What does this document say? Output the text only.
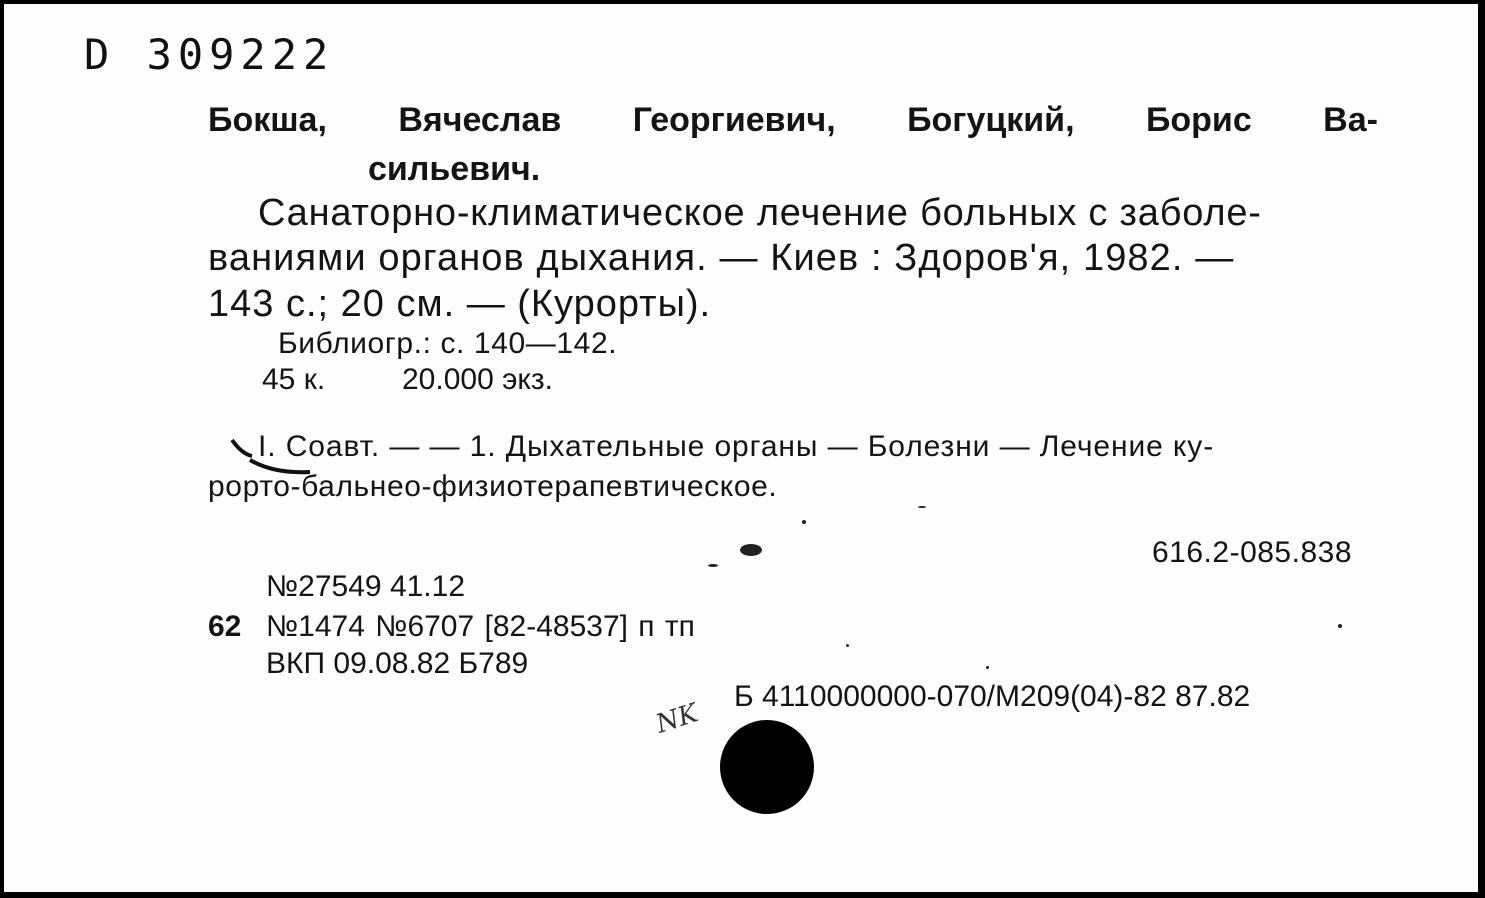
D 309222
Бокша, Вячеслав Георгиевич, Богуцкий, Борис Ва-
сильевич.
Санаторно-климатическое лечение больных с заболе-
ваниями органов дыхания. — Киев : Здоров'я, 1982. —
143 с.; 20 см. — (Курорты).
Библиогр.: с. 140—142.
45 к.	20.000 экз.
I. Соавт. — — 1. Дыхательные органы — Болезни — Лечение ку-
рорто-бальнео-физиотерапевтическое.
616.2-085.838
№27549 41.12
62 №1474 №6707 [82-48537] п тп
ВКП 09.08.82 Б789
NK
Б 4110000000-070/М209(04)-82 87.82
